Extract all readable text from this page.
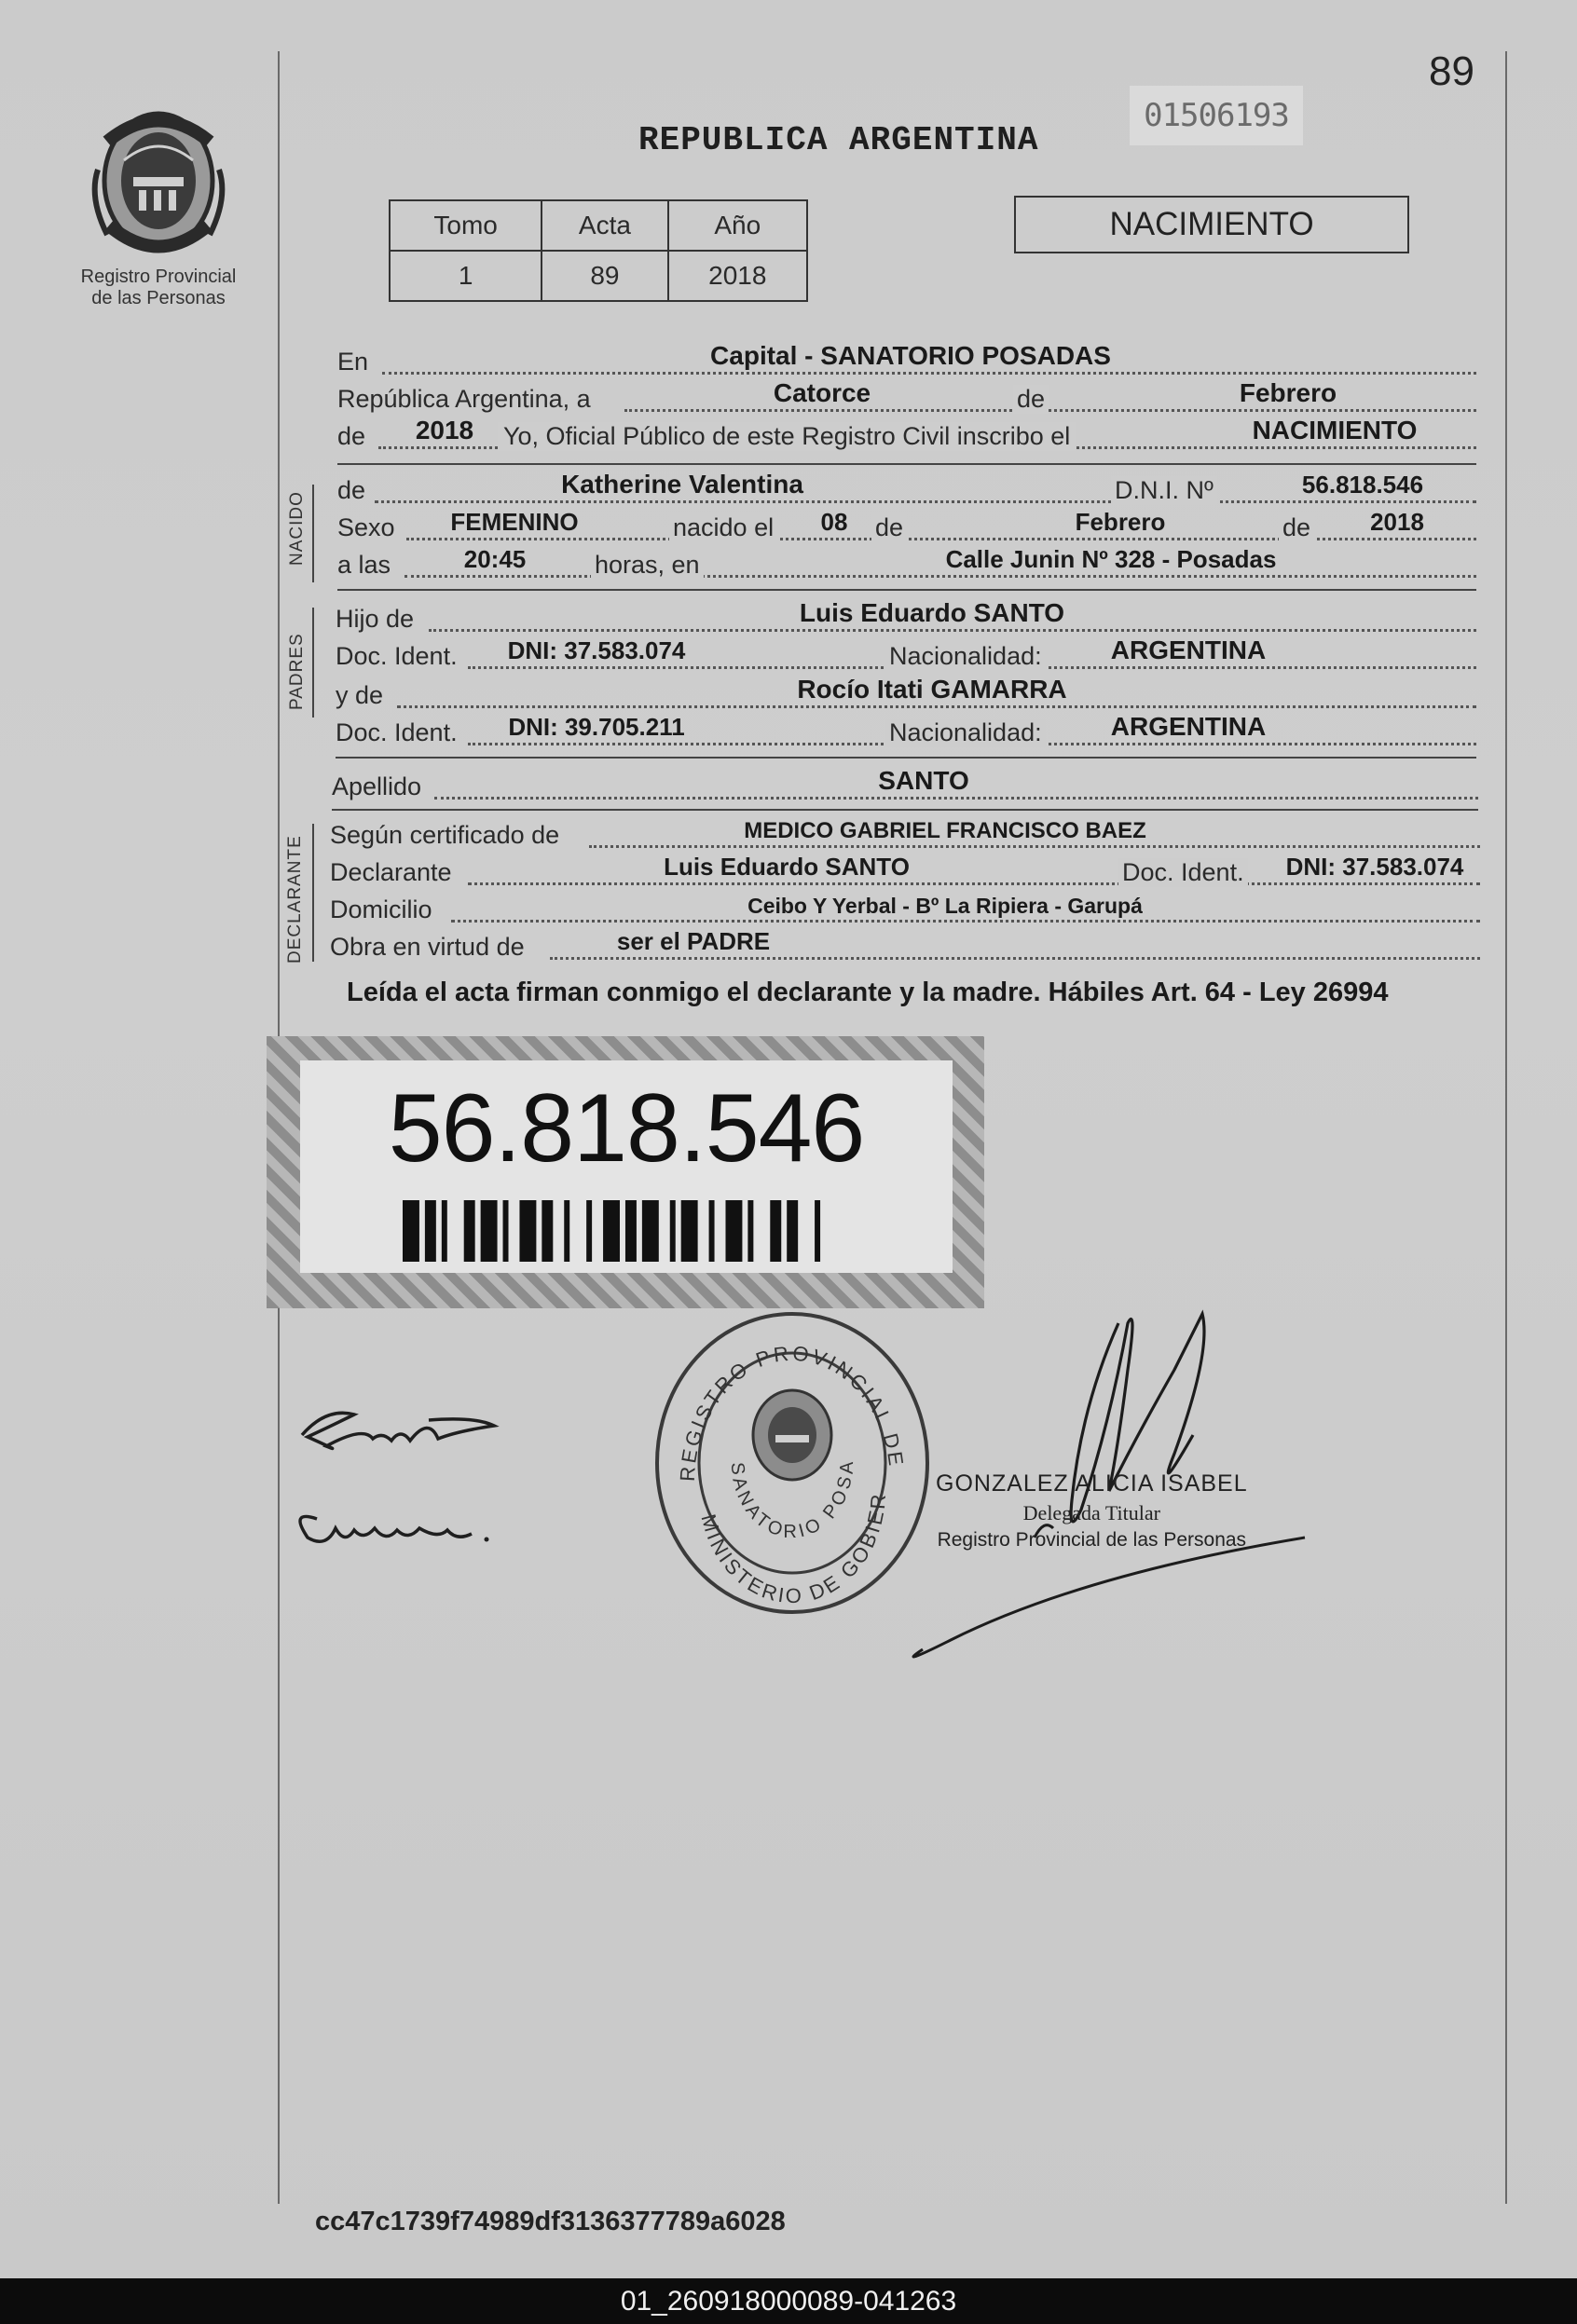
89
REPUBLICA ARGENTINA
01506193
Registro Provincial
de las Personas
Tomo	Acta	Año
1	89	2018
NACIMIENTO
En	Capital - SANATORIO POSADAS
República Argentina, a	Catorce	de	Febrero
de	2018	Yo, Oficial Público de este Registro Civil inscribo el	NACIMIENTO
NACIDO
de	Katherine Valentina	D.N.I. Nº	56.818.546
Sexo	FEMENINO	nacido el	08	de	Febrero	de	2018
a las	20:45	horas, en	Calle Junin Nº 328 - Posadas
PADRES
Hijo de	Luis Eduardo SANTO
Doc. Ident.	DNI: 37.583.074	Nacionalidad:	ARGENTINA
y de	Rocío Itati GAMARRA
Doc. Ident.	DNI: 39.705.211	Nacionalidad:	ARGENTINA
Apellido	SANTO
DECLARANTE
Según certificado de	MEDICO GABRIEL FRANCISCO BAEZ
Declarante	Luis Eduardo SANTO	Doc. Ident.	DNI: 37.583.074
Domicilio	Ceibo Y Yerbal - Bº La Ripiera - Garupá
Obra en virtud de	ser el PADRE
Leída el acta firman conmigo el declarante y la madre. Hábiles Art. 64 - Ley 26994
56.818.546
REGISTRO PROVINCIAL DE
SANATORIO POSA
MINISTERIO DE GOBIER
GONZALEZ ALICIA ISABEL
Delegada Titular
Registro Provincial de las Personas
cc47c1739f74989df3136377789a6028
01_260918000089-041263
